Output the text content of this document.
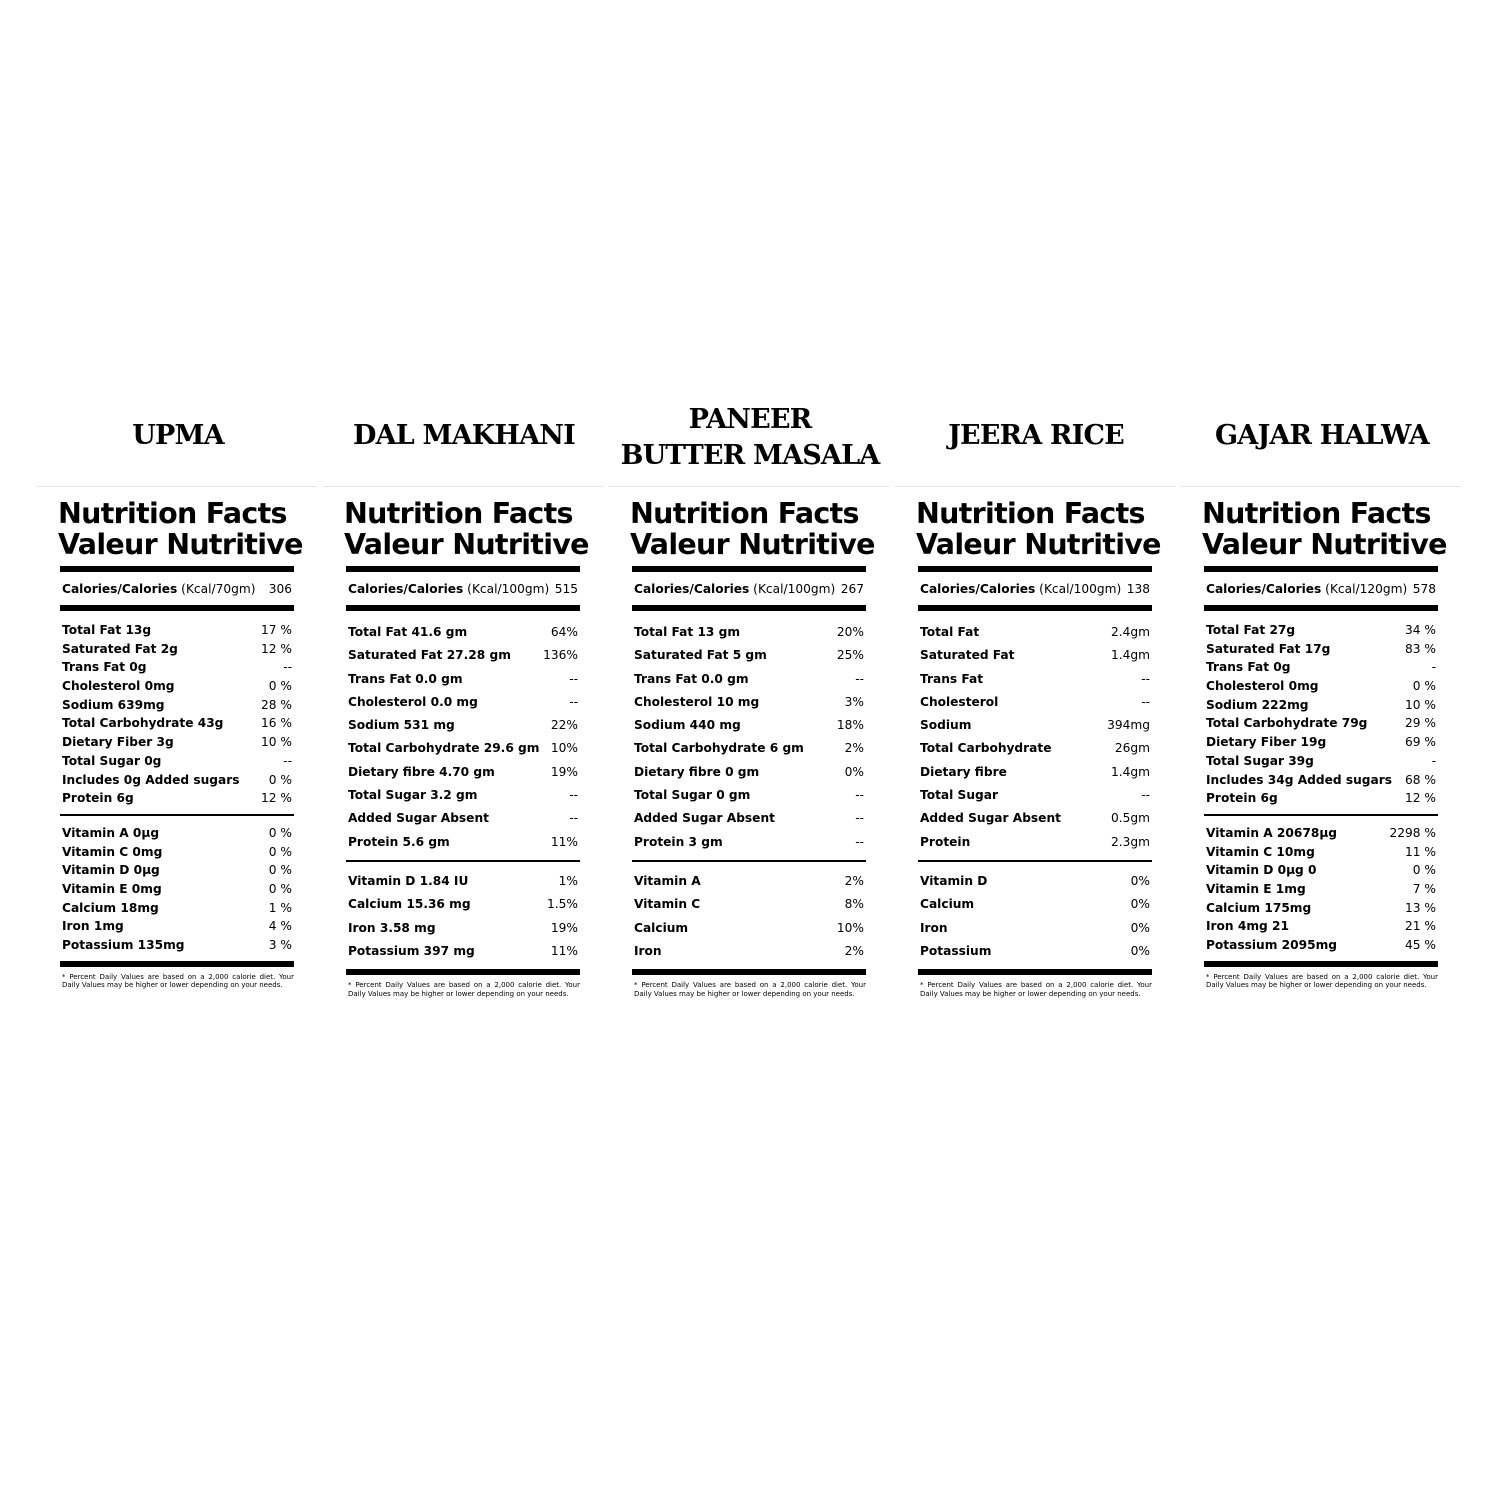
UPMA
Nutrition Facts
Valeur Nutritive
Calories/Calories (Kcal/70gm) 306
Total Fat 13g	17 %
Saturated Fat 2g	12 %
Trans Fat 0g	--
Cholesterol 0mg	0 %
Sodium 639mg	28 %
Total Carbohydrate 43g	16 %
Dietary Fiber 3g	10 %
Total Sugar 0g	--
Includes 0g Added sugars 0 %
Protein 6g	12 %
Vitamin A 0µg	0 %
Vitamin C 0mg	0 %
Vitamin D 0µg	0 %
Vitamin E 0mg	0 %
Calcium 18mg	1 %
Iron 1mg	4 %
Potassium 135mg	3 %
* Percent Daily Values are based on a 2,000 calorie diet. Your Daily Values may be higher or lower depending on your needs.
DAL MAKHANI
Nutrition Facts
Valeur Nutritive
Calories/Calories (Kcal/100gm) 515
Total Fat 41.6 gm	64%
Saturated Fat 27.28 gm	136%
Trans Fat 0.0 gm	--
Cholesterol 0.0 mg	--
Sodium 531 mg	22%
Total Carbohydrate 29.6 gm 10%
Dietary fibre 4.70 gm	19%
Total Sugar 3.2 gm	--
Added Sugar Absent	--
Protein 5.6 gm	11%
Vitamin D 1.84 IU	1%
Calcium 15.36 mg	1.5%
Iron 3.58 mg	19%
Potassium 397 mg	11%
* Percent Daily Values are based on a 2,000 calorie diet. Your Daily Values may be higher or lower depending on your needs.
PANEER
BUTTER MASALA
Nutrition Facts
Valeur Nutritive
Calories/Calories (Kcal/100gm) 267
Total Fat 13 gm	20%
Saturated Fat 5 gm	25%
Trans Fat 0.0 gm	--
Cholesterol 10 mg	3%
Sodium 440 mg	18%
Total Carbohydrate 6 gm	2%
Dietary fibre 0 gm	0%
Total Sugar 0 gm	--
Added Sugar Absent	--
Protein 3 gm	--
Vitamin A	2%
Vitamin C	8%
Calcium	10%
Iron	2%
* Percent Daily Values are based on a 2,000 calorie diet. Your Daily Values may be higher or lower depending on your needs.
JEERA RICE
Nutrition Facts
Valeur Nutritive
Calories/Calories (Kcal/100gm) 138
Total Fat	2.4gm
Saturated Fat	1.4gm
Trans Fat	--
Cholesterol	--
Sodium	394mg
Total Carbohydrate	26gm
Dietary fibre	1.4gm
Total Sugar	--
Added Sugar Absent	0.5gm
Protein	2.3gm
Vitamin D	0%
Calcium	0%
Iron	0%
Potassium	0%
* Percent Daily Values are based on a 2,000 calorie diet. Your Daily Values may be higher or lower depending on your needs.
GAJAR HALWA
Nutrition Facts
Valeur Nutritive
Calories/Calories (Kcal/120gm) 578
Total Fat 27g	34 %
Saturated Fat 17g	83 %
Trans Fat 0g	-
Cholesterol 0mg	0 %
Sodium 222mg	10 %
Total Carbohydrate 79g	29 %
Dietary Fiber 19g	69 %
Total Sugar 39g	-
Includes 34g Added sugars 68 %
Protein 6g	12 %
Vitamin A 20678µg	2298 %
Vitamin C 10mg	11 %
Vitamin D 0µg 0	0 %
Vitamin E 1mg	7 %
Calcium 175mg	13 %
Iron 4mg 21	21 %
Potassium 2095mg	45 %
* Percent Daily Values are based on a 2,000 calorie diet. Your Daily Values may be higher or lower depending on your needs.
